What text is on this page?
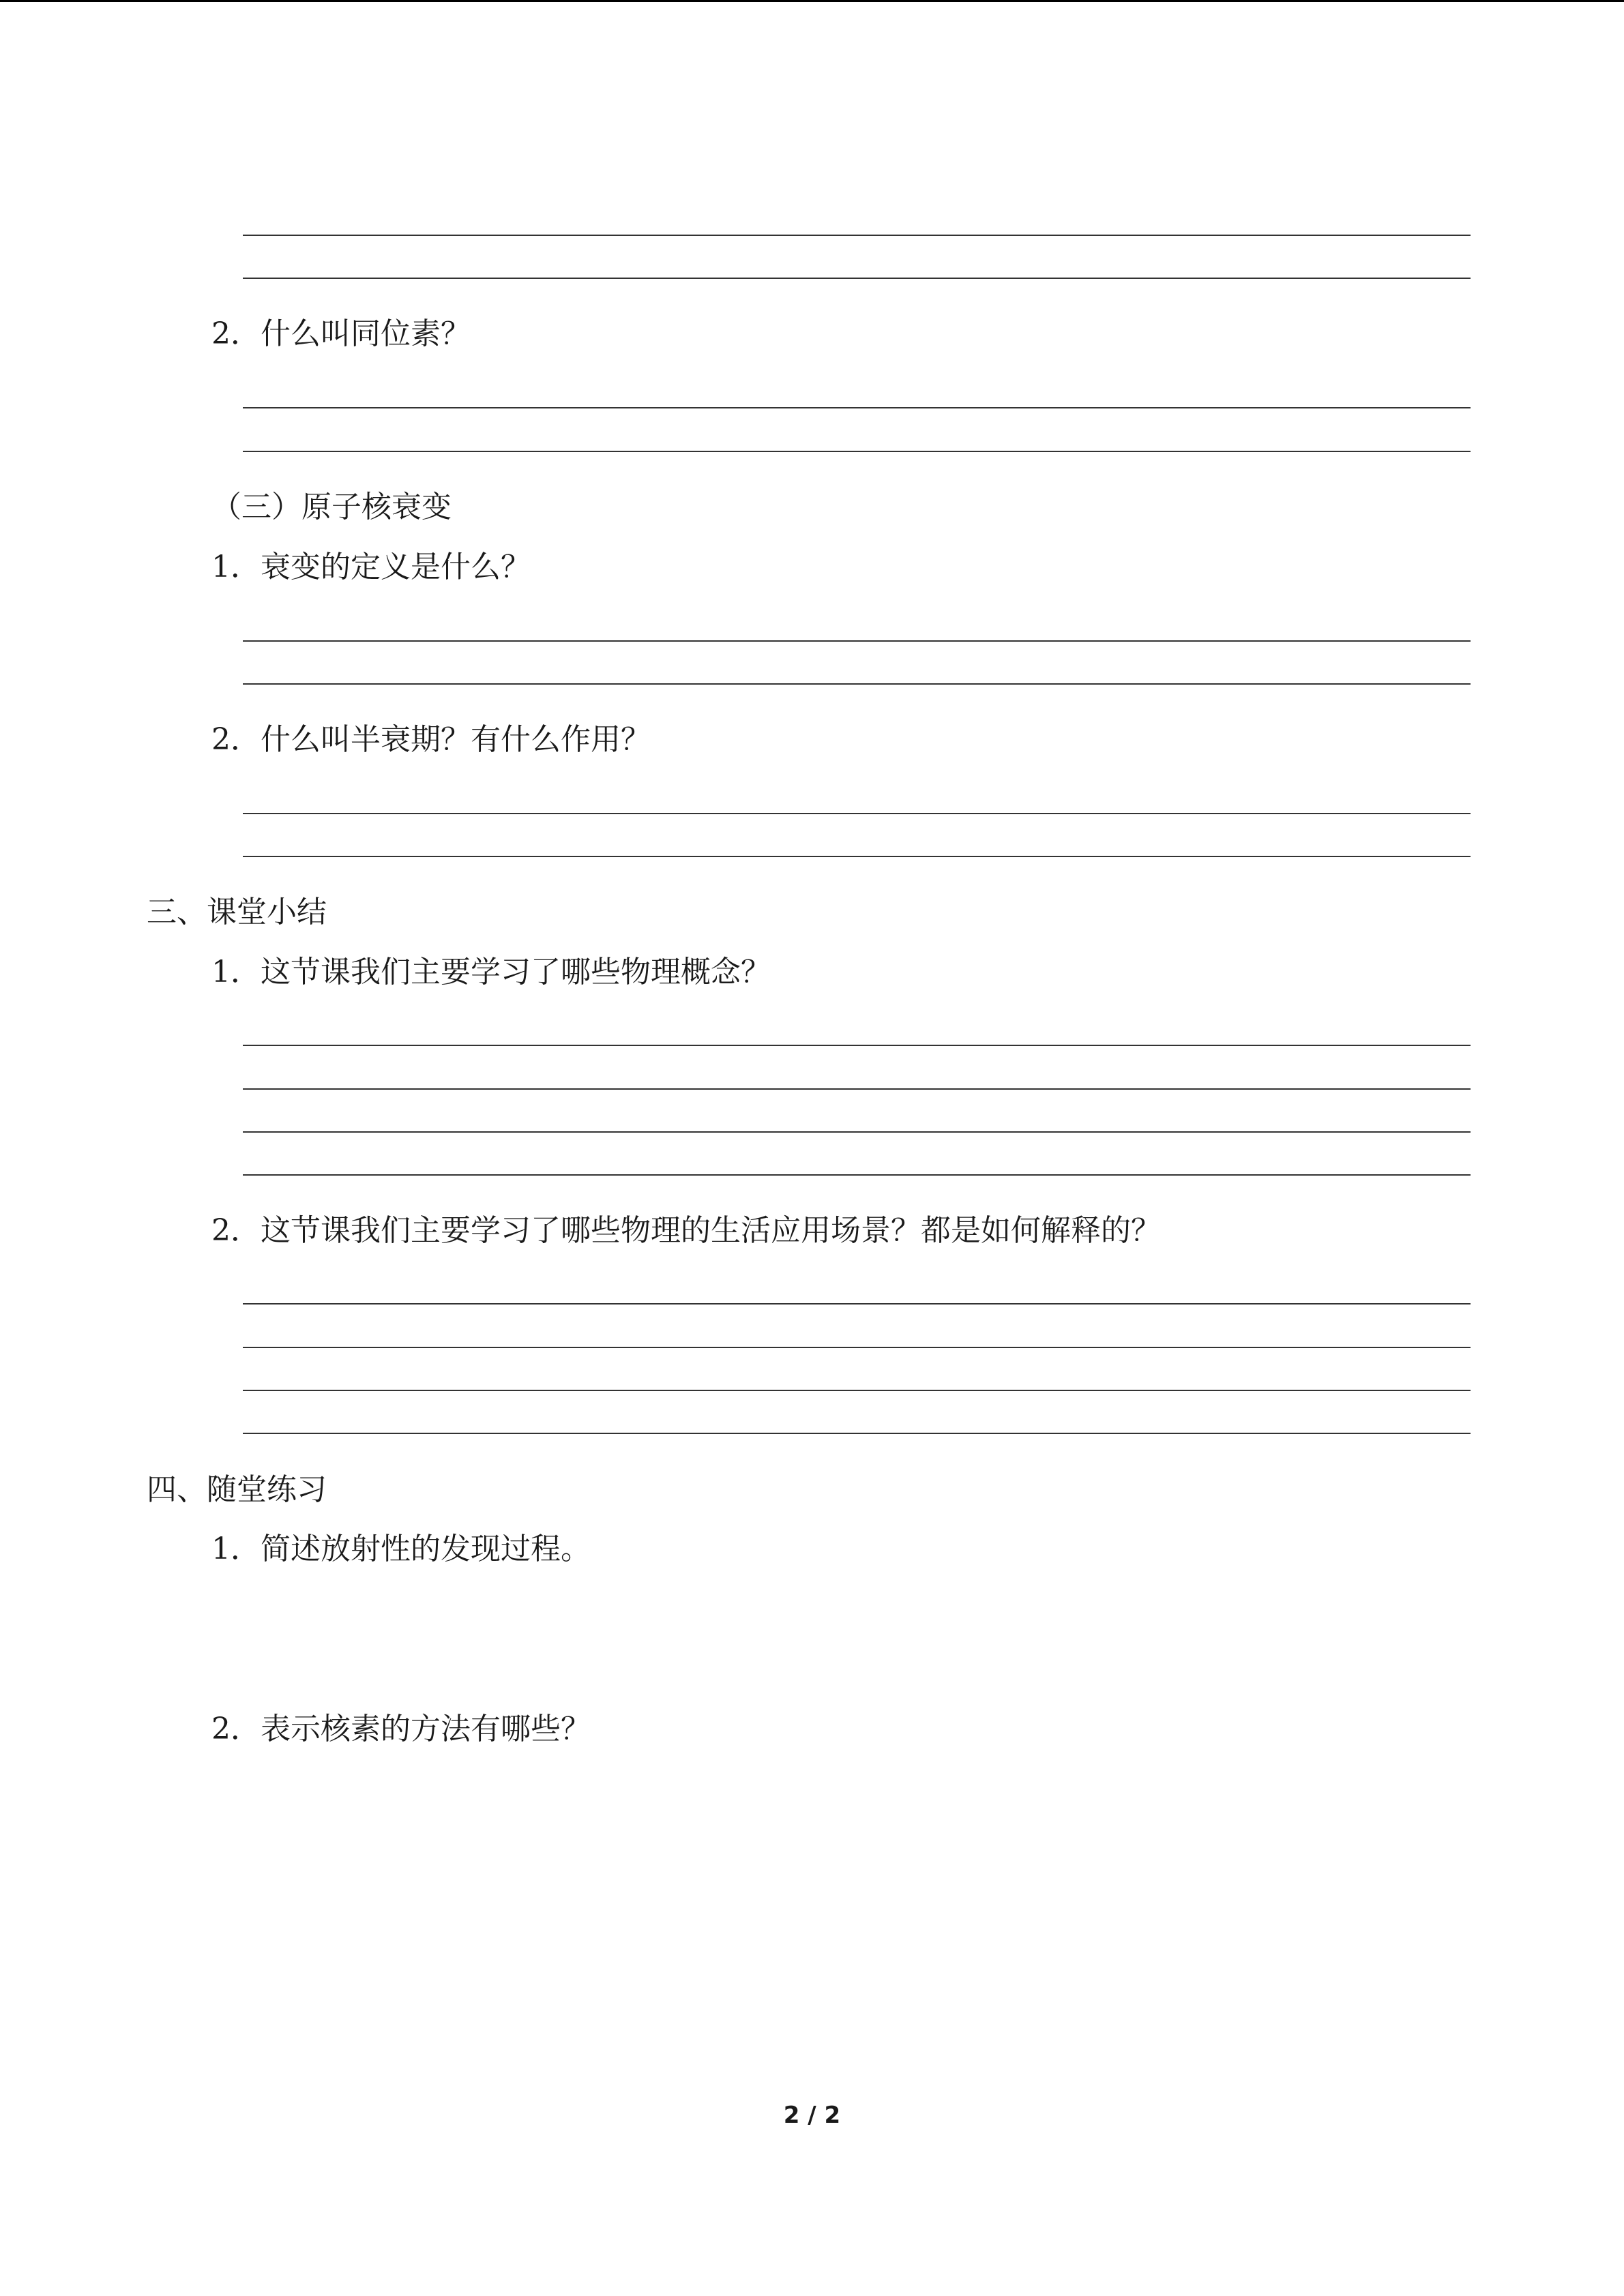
2．什么叫同位素？
（三）原子核衰变
1．衰变的定义是什么？
2．什么叫半衰期？有什么作用？
三、课堂小结
1．这节课我们主要学习了哪些物理概念？
2．这节课我们主要学习了哪些物理的生活应用场景？都是如何解释的？
四、随堂练习
1．简述放射性的发现过程。
2．表示核素的方法有哪些？
2 / 2
